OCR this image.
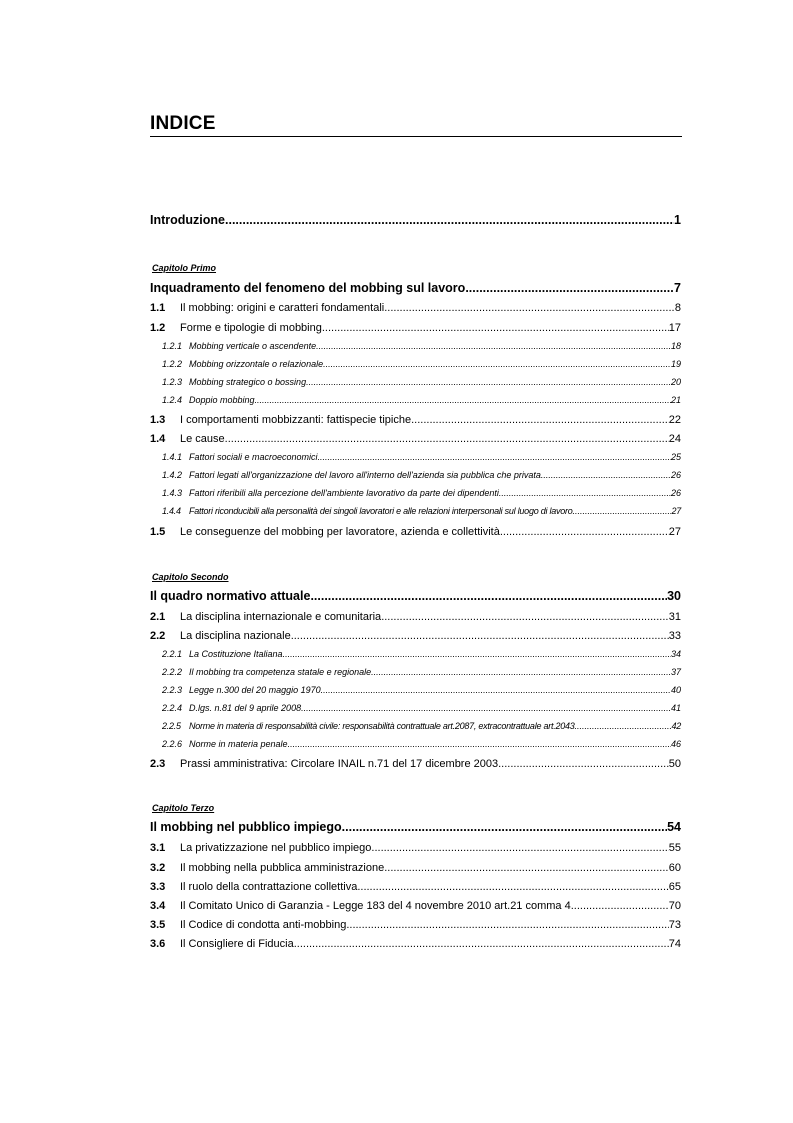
INDICE
Introduzione .....	1
Capitolo Primo
Inquadramento del fenomeno del mobbing sul lavoro .....	7
1.1	Il mobbing: origini e caratteri fondamentali .....	8
1.2	Forme e tipologie di mobbing .....	17
1.2.1 Mobbing verticale o ascendente .....	18
1.2.2 Mobbing orizzontale o relazionale .....	19
1.2.3 Mobbing strategico o bossing .....	20
1.2.4 Doppio mobbing .....	21
1.3	I comportamenti mobbizzanti: fattispecie tipiche .....	22
1.4	Le cause .....	24
1.4.1 Fattori sociali e macroeconomici .....	25
1.4.2 Fattori legati all'organizzazione del lavoro all'interno dell'azienda sia pubblica che privata .....	26
1.4.3 Fattori riferibili alla percezione dell'ambiente lavorativo da parte dei dipendenti .....	26
1.4.4 Fattori riconducibili alla personalità dei singoli lavoratori e alle relazioni interpersonali sul luogo di lavoro .....	27
1.5	Le conseguenze del mobbing per lavoratore, azienda e collettività .....	27
Capitolo Secondo
Il quadro normativo attuale .....	30
2.1	La disciplina internazionale e comunitaria .....	31
2.2	La disciplina nazionale .....	33
2.2.1 La Costituzione Italiana .....	34
2.2.2 Il mobbing tra competenza statale e regionale .....	37
2.2.3 Legge n.300 del 20 maggio 1970 .....	40
2.2.4 D.lgs. n.81 del 9 aprile 2008 .....	41
2.2.5 Norme in materia di responsabilità civile: responsabilità contrattuale art.2087, extracontrattuale art.2043 .....	42
2.2.6 Norme in materia penale .....	46
2.3	Prassi amministrativa: Circolare INAIL n.71 del 17 dicembre 2003 .....	50
Capitolo Terzo
Il mobbing nel pubblico impiego .....	54
3.1	La privatizzazione nel pubblico impiego .....	55
3.2	Il mobbing nella pubblica amministrazione .....	60
3.3	Il ruolo della contrattazione collettiva .....	65
3.4	Il Comitato Unico di Garanzia - Legge 183 del 4 novembre 2010 art.21 comma 4 .....	70
3.5	Il Codice di condotta anti-mobbing .....	73
3.6	Il Consigliere di Fiducia .....	74
